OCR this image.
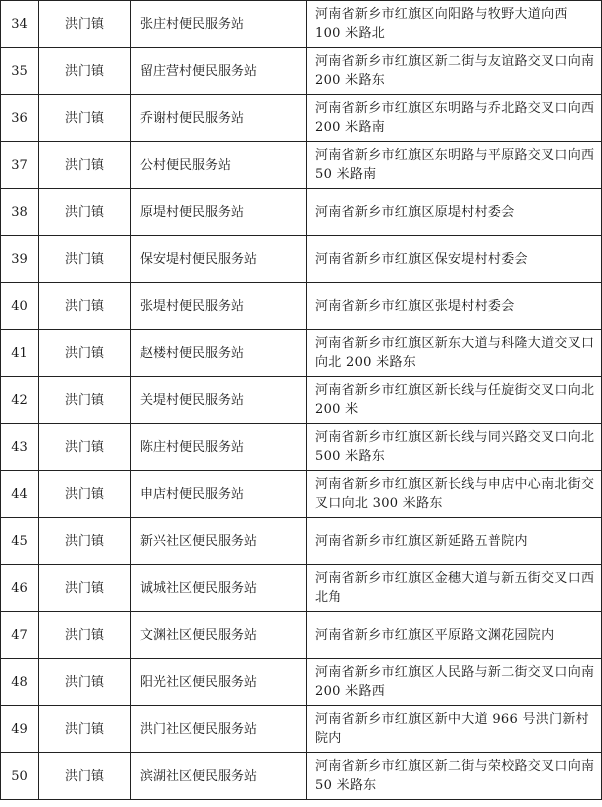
34	洪门镇	张庄村便民服务站	河南省新乡市红旗区向阳路与牧野大道向西 100 米路北
35	洪门镇	留庄营村便民服务站	河南省新乡市红旗区新二街与友谊路交叉口向南 200 米路东
36	洪门镇	乔谢村便民服务站	河南省新乡市红旗区东明路与乔北路交叉口向西 200 米路南
37	洪门镇	公村便民服务站	河南省新乡市红旗区东明路与平原路交叉口向西 50 米路南
38	洪门镇	原堤村便民服务站	河南省新乡市红旗区原堤村村委会
39	洪门镇	保安堤村便民服务站	河南省新乡市红旗区保安堤村村委会
40	洪门镇	张堤村便民服务站	河南省新乡市红旗区张堤村村委会
41	洪门镇	赵楼村便民服务站	河南省新乡市红旗区新东大道与科隆大道交叉口向北 200 米路东
42	洪门镇	关堤村便民服务站	河南省新乡市红旗区新长线与任旋街交叉口向北 200 米
43	洪门镇	陈庄村便民服务站	河南省新乡市红旗区新长线与同兴路交叉口向北 500 米路东
44	洪门镇	申店村便民服务站	河南省新乡市红旗区新长线与申店中心南北街交叉口向北 300 米路东
45	洪门镇	新兴社区便民服务站	河南省新乡市红旗区新延路五普院内
46	洪门镇	诚城社区便民服务站	河南省新乡市红旗区金穗大道与新五街交叉口西北角
47	洪门镇	文渊社区便民服务站	河南省新乡市红旗区平原路文渊花园院内
48	洪门镇	阳光社区便民服务站	河南省新乡市红旗区人民路与新二街交叉口向南 200 米路西
49	洪门镇	洪门社区便民服务站	河南省新乡市红旗区新中大道 966 号洪门新村院内
50	洪门镇	滨湖社区便民服务站	河南省新乡市红旗区新二街与荣校路交叉口向南 50 米路东
